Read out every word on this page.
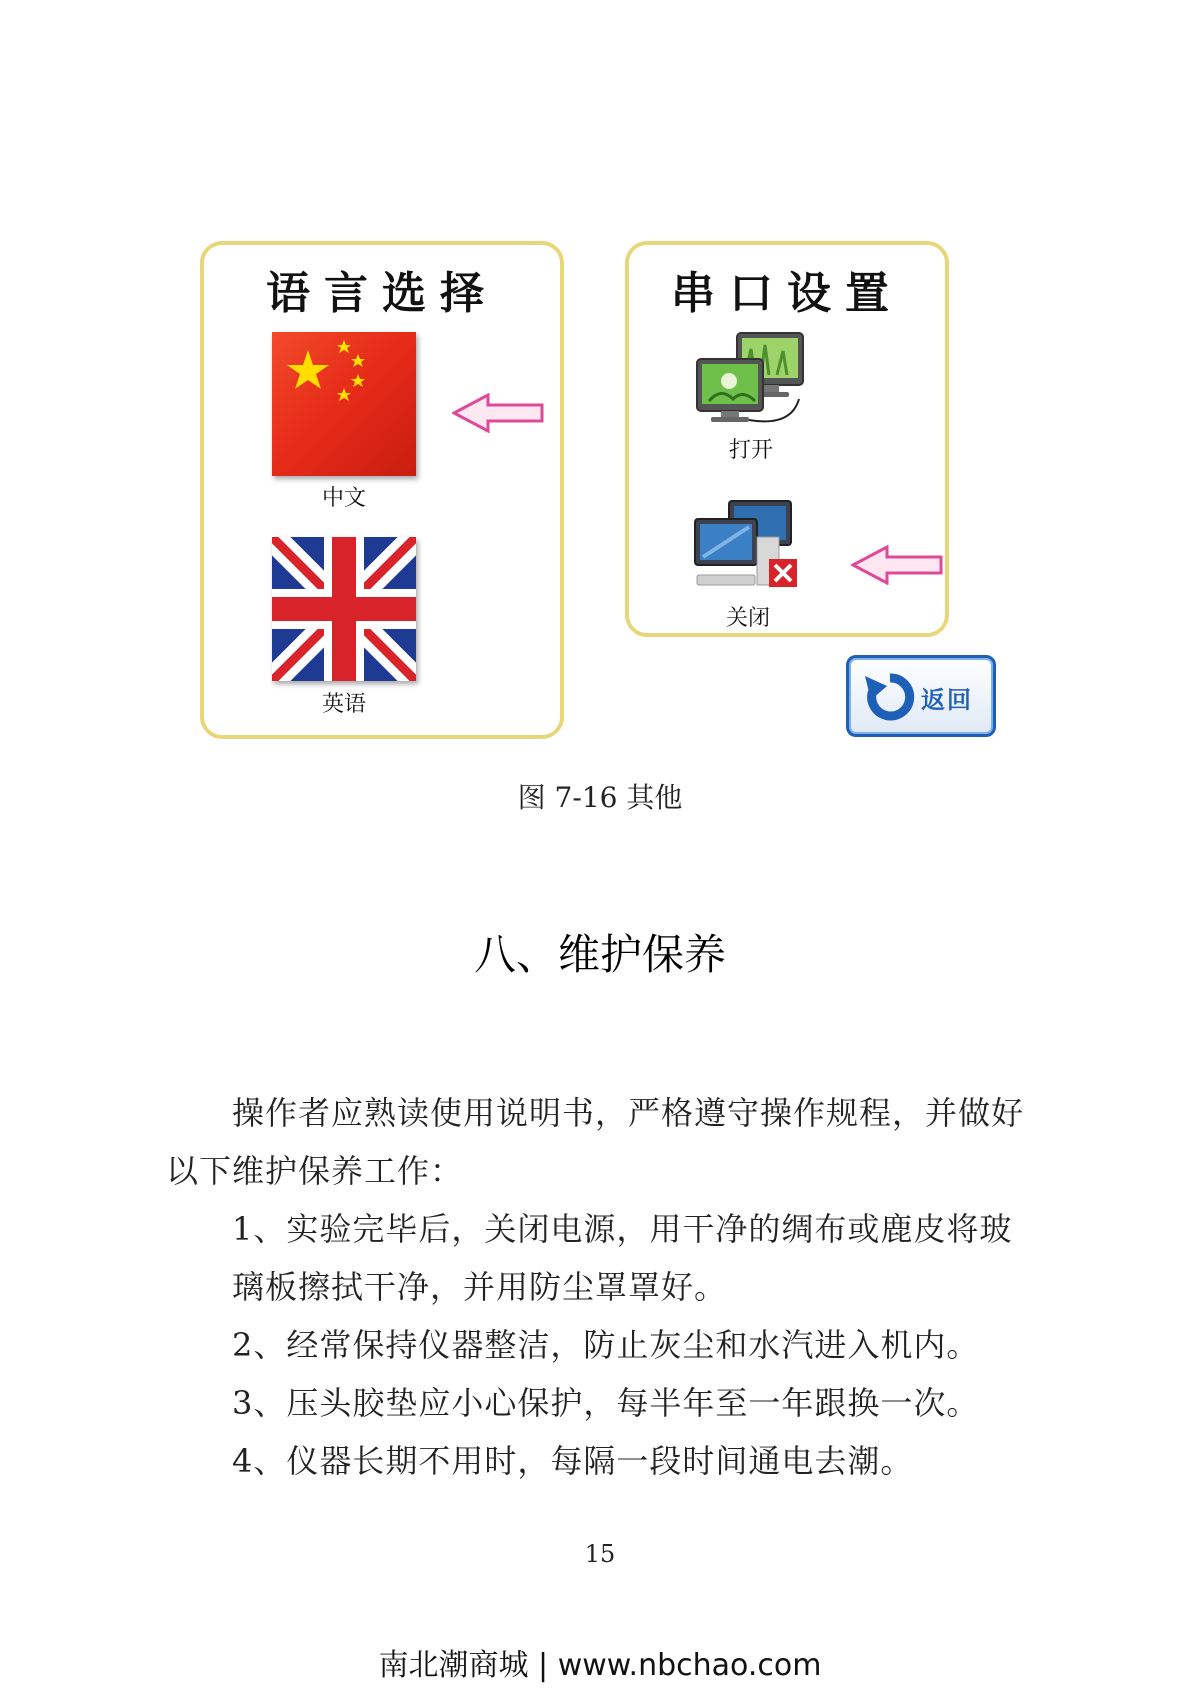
语言选择
中文
英语
串口设置
打开
关闭
返回
图 7-16 其他
八、维护保养
操作者应熟读使用说明书，严格遵守操作规程，并做好
以下维护保养工作：
1、实验完毕后，关闭电源，用干净的绸布或鹿皮将玻
璃板擦拭干净，并用防尘罩罩好。
2、经常保持仪器整洁，防止灰尘和水汽进入机内。
3、压头胶垫应小心保护，每半年至一年跟换一次。
4、仪器长期不用时，每隔一段时间通电去潮。
15
南北潮商城 | www.nbchao.com
